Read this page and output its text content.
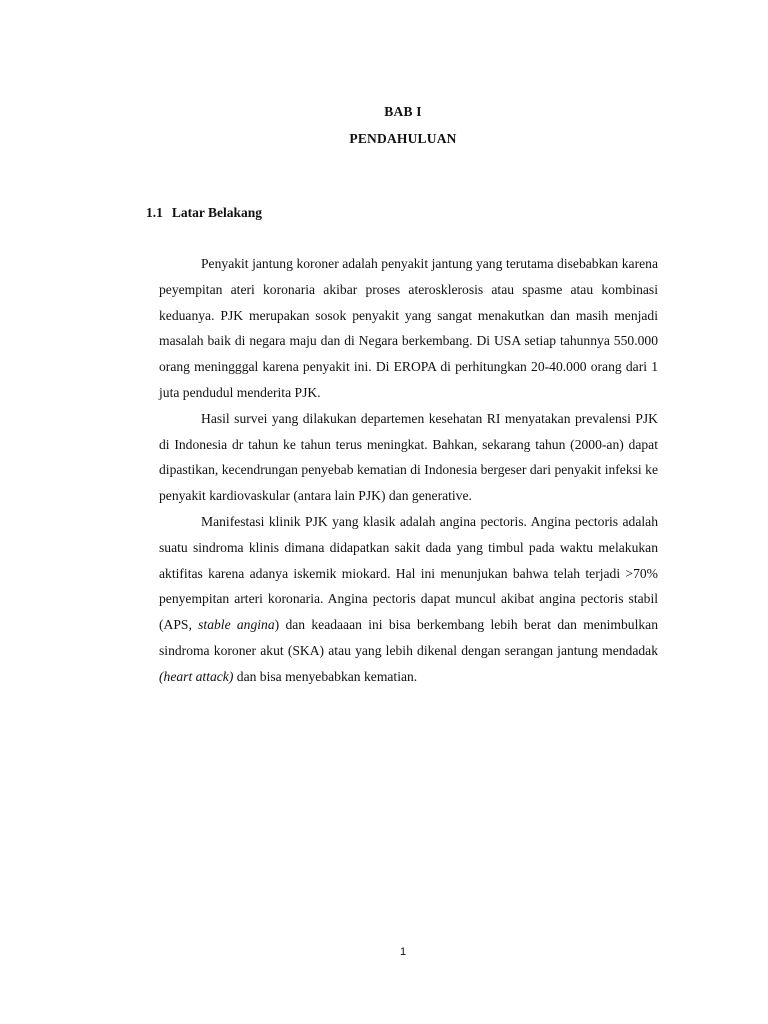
BAB I
PENDAHULUAN
1.1 Latar Belakang

Penyakit jantung koroner adalah penyakit jantung yang terutama disebabkan karena peyempitan ateri koronaria akibar proses aterosklerosis atau spasme atau kombinasi keduanya. PJK merupakan sosok penyakit yang sangat menakutkan dan masih menjadi masalah baik di negara maju dan di Negara berkembang. Di USA setiap tahunnya 550.000 orang meningggal karena penyakit ini. Di EROPA di perhitungkan 20-40.000 orang dari 1 juta pendudul menderita PJK.

Hasil survei yang dilakukan departemen kesehatan RI menyatakan prevalensi PJK di Indonesia dr tahun ke tahun terus meningkat. Bahkan, sekarang tahun (2000-an) dapat dipastikan, kecendrungan penyebab kematian di Indonesia bergeser dari penyakit infeksi ke penyakit kardiovaskular (antara lain PJK) dan generative.

Manifestasi klinik PJK yang klasik adalah angina pectoris. Angina pectoris adalah suatu sindroma klinis dimana didapatkan sakit dada yang timbul pada waktu melakukan aktifitas karena adanya iskemik miokard. Hal ini menunjukan bahwa telah terjadi >70% penyempitan arteri koronaria. Angina pectoris dapat muncul akibat angina pectoris stabil (APS, stable angina) dan keadaaan ini bisa berkembang lebih berat dan menimbulkan sindroma koroner akut (SKA) atau yang lebih dikenal dengan serangan jantung mendadak (heart attack) dan bisa menyebabkan kematian.

1
